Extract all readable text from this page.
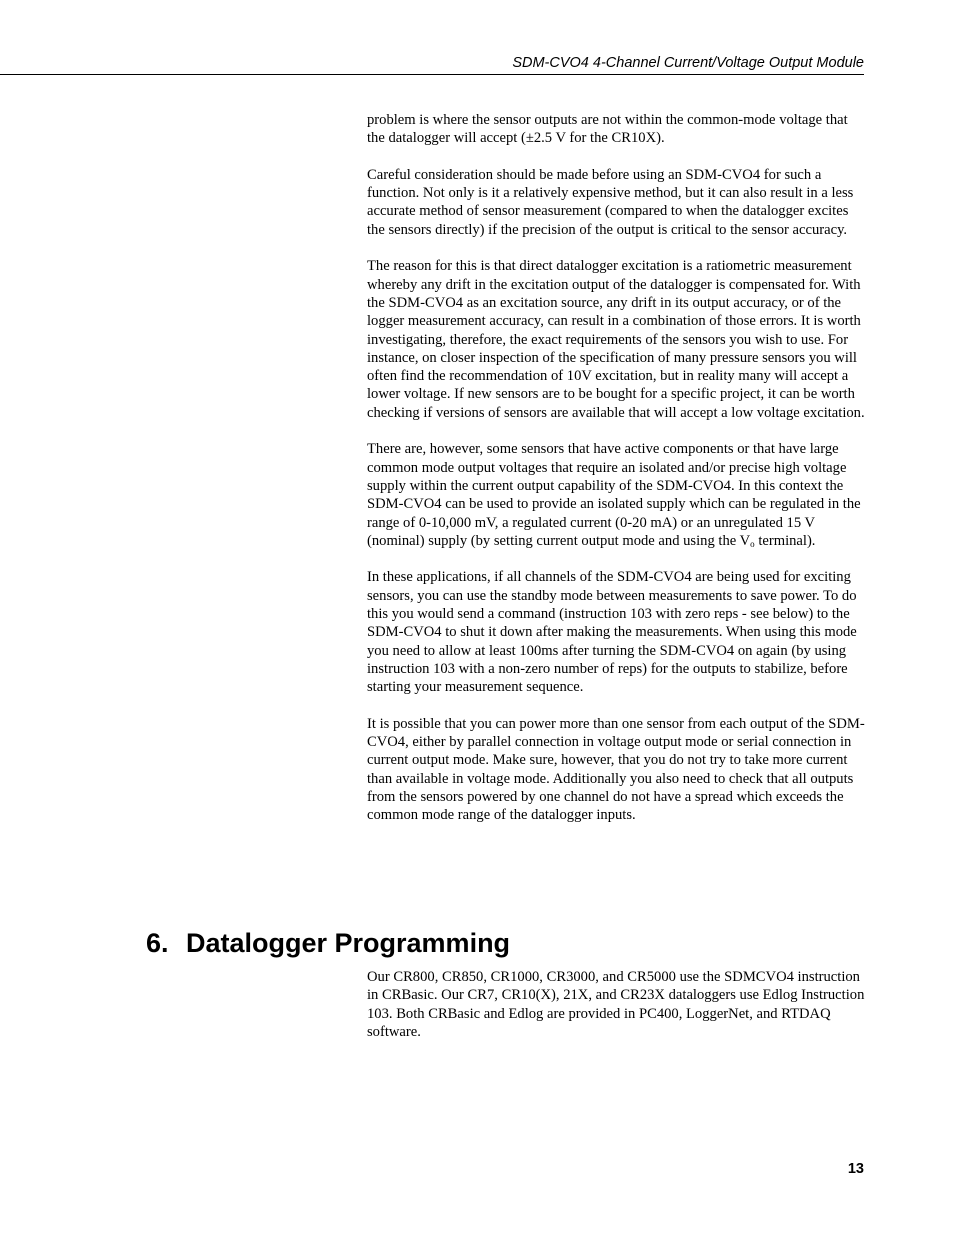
SDM-CVO4 4-Channel Current/Voltage Output Module

problem is where the sensor outputs are not within the common-mode voltage that the datalogger will accept (±2.5 V for the CR10X).

Careful consideration should be made before using an SDM-CVO4 for such a function. Not only is it a relatively expensive method, but it can also result in a less accurate method of sensor measurement (compared to when the datalogger excites the sensors directly) if the precision of the output is critical to the sensor accuracy.

The reason for this is that direct datalogger excitation is a ratiometric measurement whereby any drift in the excitation output of the datalogger is compensated for. With the SDM-CVO4 as an excitation source, any drift in its output accuracy, or of the logger measurement accuracy, can result in a combination of those errors. It is worth investigating, therefore, the exact requirements of the sensors you wish to use. For instance, on closer inspection of the specification of many pressure sensors you will often find the recommendation of 10V excitation, but in reality many will accept a lower voltage. If new sensors are to be bought for a specific project, it can be worth checking if versions of sensors are available that will accept a low voltage excitation.

There are, however, some sensors that have active components or that have large common mode output voltages that require an isolated and/or precise high voltage supply within the current output capability of the SDM-CVO4. In this context the SDM-CVO4 can be used to provide an isolated supply which can be regulated in the range of 0-10,000 mV, a regulated current (0-20 mA) or an unregulated 15 V (nominal) supply (by setting current output mode and using the $V_o$ terminal).

In these applications, if all channels of the SDM-CVO4 are being used for exciting sensors, you can use the standby mode between measurements to save power. To do this you would send a command (instruction 103 with zero reps - see below) to the SDM-CVO4 to shut it down after making the measurements. When using this mode you need to allow at least 100ms after turning the SDM-CVO4 on again (by using instruction 103 with a non-zero number of reps) for the outputs to stabilize, before starting your measurement sequence.

It is possible that you can power more than one sensor from each output of the SDM-CVO4, either by parallel connection in voltage output mode or serial connection in current output mode. Make sure, however, that you do not try to take more current than available in voltage mode. Additionally you also need to check that all outputs from the sensors powered by one channel do not have a spread which exceeds the common mode range of the datalogger inputs.

6. Datalogger Programming

Our CR800, CR850, CR1000, CR3000, and CR5000 use the SDMCVO4 instruction in CRBasic. Our CR7, CR10(X), 21X, and CR23X dataloggers use Edlog Instruction 103. Both CRBasic and Edlog are provided in PC400, LoggerNet, and RTDAQ software.

13
